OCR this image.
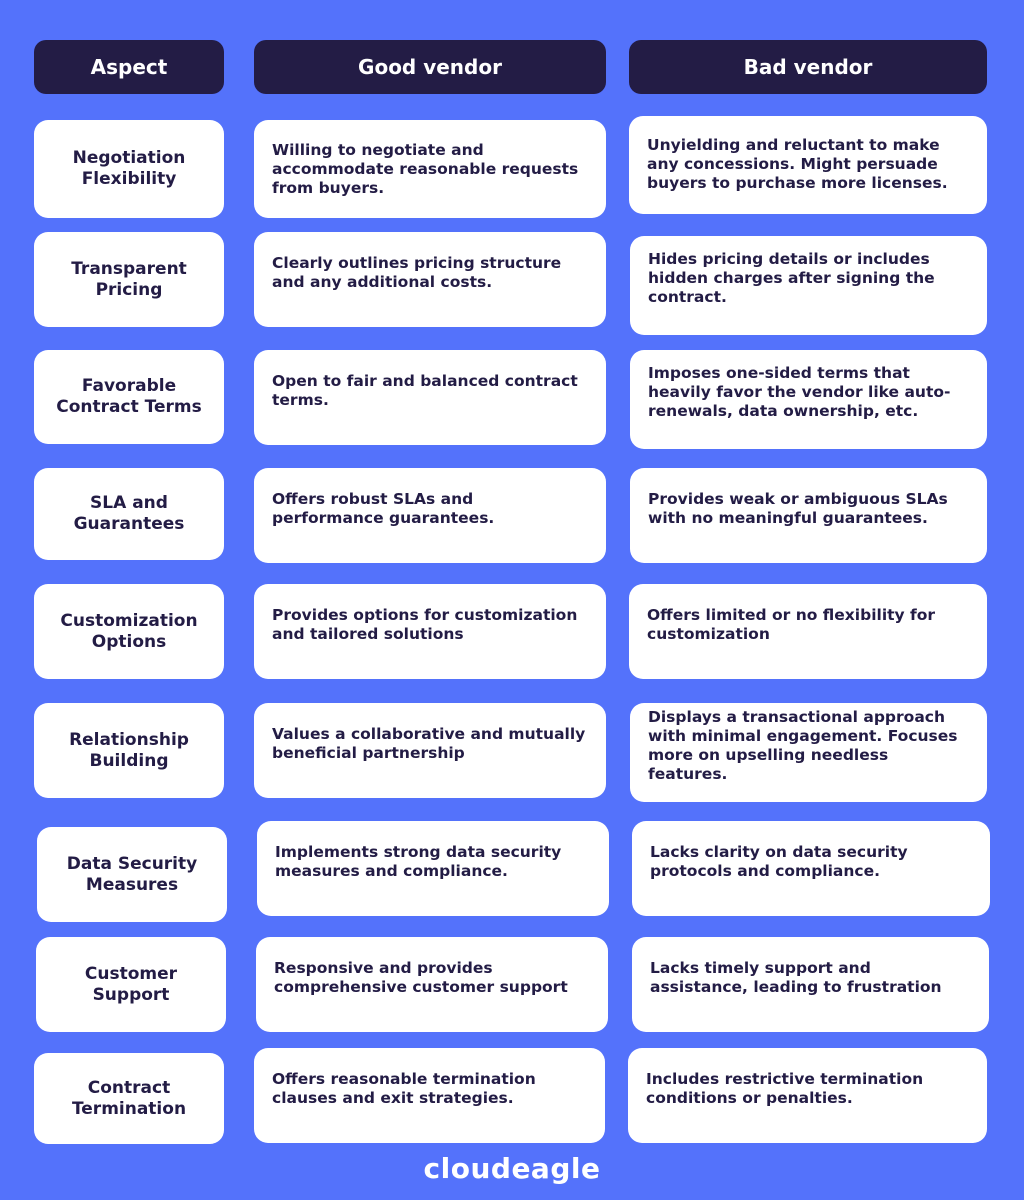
Aspect	Good vendor	Bad vendor
Negotiation Flexibility
Willing to negotiate and accommodate reasonable requests from buyers.
Unyielding and reluctant to make any concessions. Might persuade buyers to purchase more licenses.
Transparent Pricing
Clearly outlines pricing structure and any additional costs.
Hides pricing details or includes hidden charges after signing the contract.
Favorable Contract Terms
Open to fair and balanced contract terms.
Imposes one-sided terms that heavily favor the vendor like auto-renewals, data ownership, etc.
SLA and Guarantees
Offers robust SLAs and performance guarantees.
Provides weak or ambiguous SLAs with no meaningful guarantees.
Customization Options
Provides options for customization and tailored solutions
Offers limited or no flexibility for customization
Relationship Building
Values a collaborative and mutually beneficial partnership
Displays a transactional approach with minimal engagement. Focuses more on upselling needless features.
Data Security Measures
Implements strong data security measures and compliance.
Lacks clarity on data security protocols and compliance.
Customer Support
Responsive and provides comprehensive customer support
Lacks timely support and assistance, leading to frustration
Contract Termination
Offers reasonable termination clauses and exit strategies.
Includes restrictive termination conditions or penalties.
cloudeagle
